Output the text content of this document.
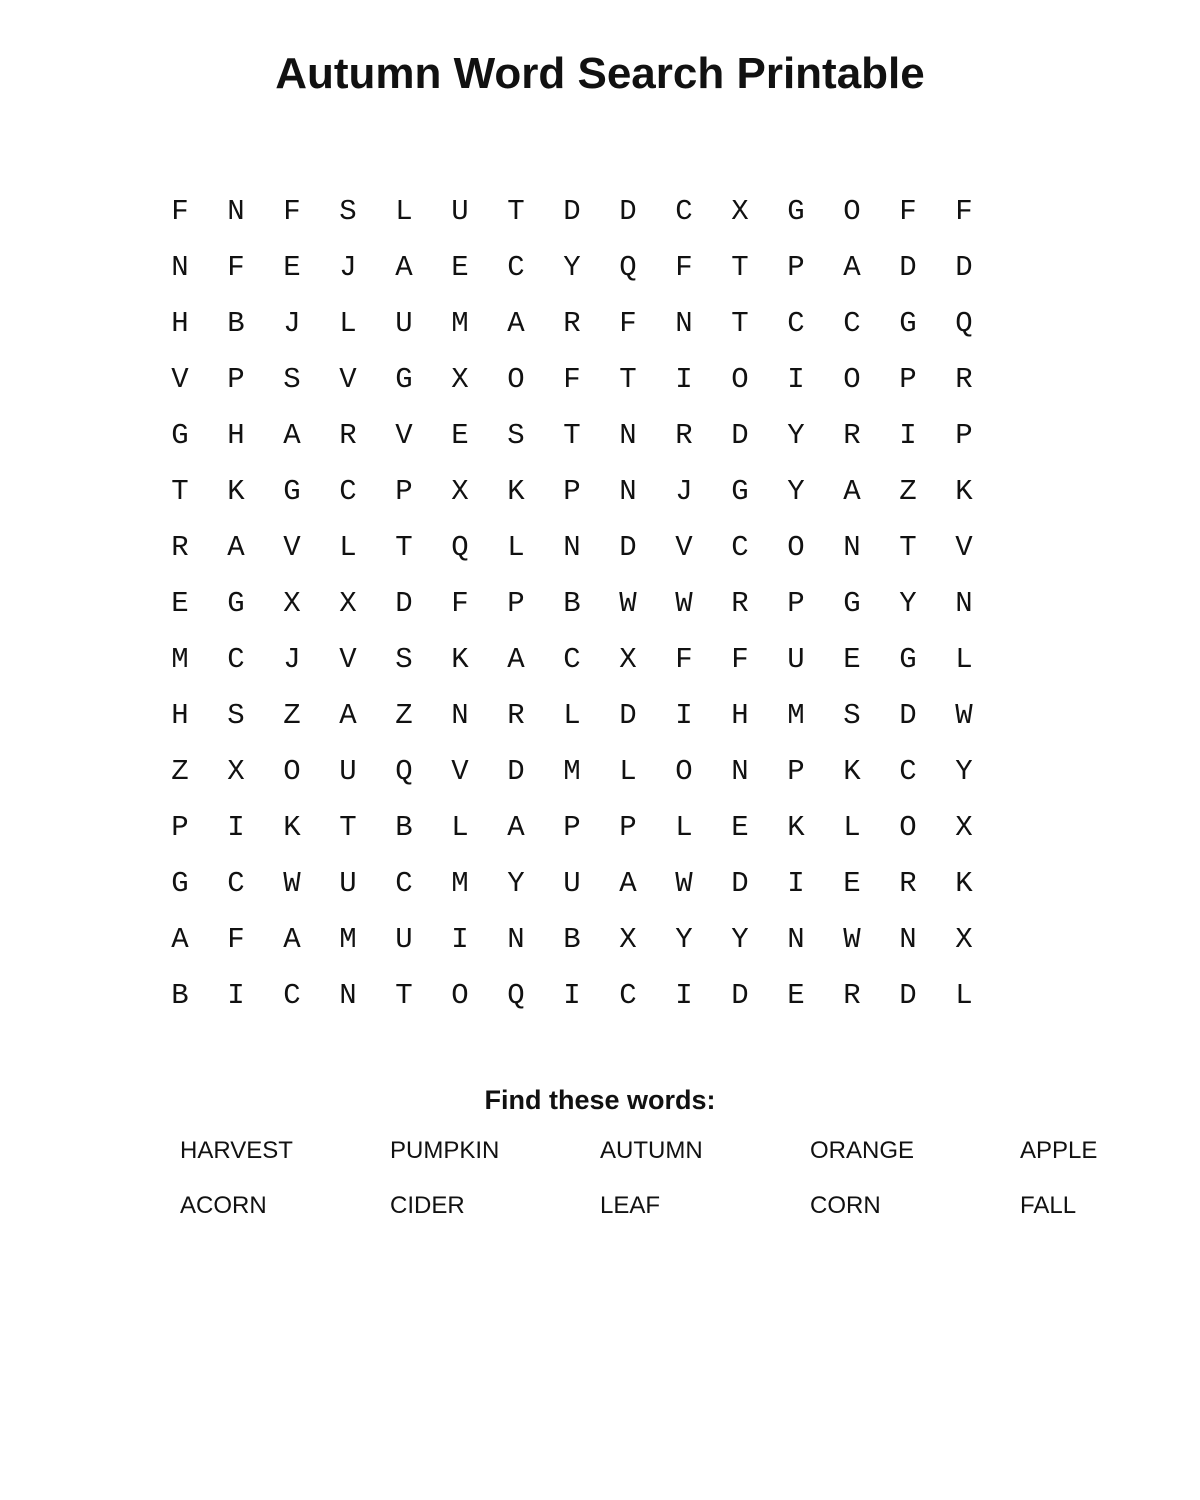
Autumn Word Search Printable
F	N	F	S	L	U	T	D	D	C	X	G	O	F	F
N	F	E	J	A	E	C	Y	Q	F	T	P	A	D	D
H	B	J	L	U	M	A	R	F	N	T	C	C	G	Q
V	P	S	V	G	X	O	F	T	I	O	I	O	P	R
G	H	A	R	V	E	S	T	N	R	D	Y	R	I	P
T	K	G	C	P	X	K	P	N	J	G	Y	A	Z	K
R	A	V	L	T	Q	L	N	D	V	C	O	N	T	V
E	G	X	X	D	F	P	B	W	W	R	P	G	Y	N
M	C	J	V	S	K	A	C	X	F	F	U	E	G	L
H	S	Z	A	Z	N	R	L	D	I	H	M	S	D	W
Z	X	O	U	Q	V	D	M	L	O	N	P	K	C	Y
P	I	K	T	B	L	A	P	P	L	E	K	L	O	X
G	C	W	U	C	M	Y	U	A	W	D	I	E	R	K
A	F	A	M	U	I	N	B	X	Y	Y	N	W	N	X
B	I	C	N	T	O	Q	I	C	I	D	E	R	D	L
Find these words:
HARVEST	PUMPKIN	AUTUMN	ORANGE	APPLE
ACORN	CIDER	LEAF	CORN	FALL
